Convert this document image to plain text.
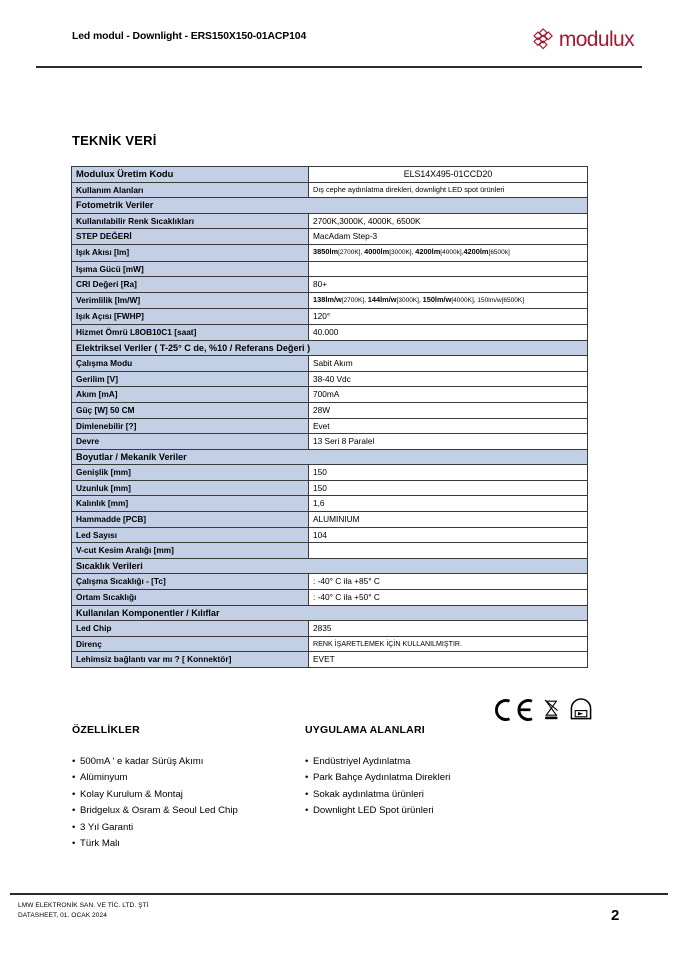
Led modul - Downlight - ERS150X150-01ACP104	modulux
TEKNİK VERİ
Modulux Üretim Kodu	ELS14X495-01CCD20
Kullanım Alanları	Dış cephe aydınlatma direkleri, downlight LED spot ürünleri
Fotometrik Veriler	
Kullanılabilir Renk Sıcaklıkları	2700K,3000K, 4000K, 6500K
STEP DEĞERİ	MacAdam Step-3
Işık Akısı [lm]	3850lm[2700K], 4000lm[3000K], 4200lm[4000k],4200lm[6500k]
Işıma Gücü [mW]	
CRI Değeri [Ra]	80+
Verimlilik [lm/W]	138lm/w[2700K], 144lm/w[3000K], 150lm/w[4000K], 150lm/w[6500K]
Işık Açısı [FWHP]	120°
Hizmet Ömrü L8OB10C1 [saat]	40.000
Elektriksel Veriler ( T-25° C de, %10 / Referans Değeri )	
Çalışma Modu	Sabit Akım
Gerilim [V]	38-40 Vdc
Akım [mA]	700mA
Güç [W] 50 CM	28W
Dimlenebilir [?]	Evet
Devre	13 Seri 8 Paralel
Boyutlar / Mekanik Veriler	
Genişlik [mm]	150
Uzunluk [mm]	150
Kalınlık [mm]	1,6
Hammadde [PCB]	ALUMINIUM
Led Sayısı	104
V-cut Kesim Aralığı [mm]	
Sıcaklık Verileri	
Çalışma Sıcaklığı - [Tc]	: -40° C ila +85° C
Ortam Sıcaklığı	: -40° C ila +50° C
Kullanılan Komponentler / Kılıflar	
Led Chip	2835
Direnç	RENK İŞARETLEMEK İÇİN KULLANILMIŞTIR.
Lehimsiz bağlantı var mı ? [ Konnektör]	EVET
ÖZELLİKLER
• 500mA ' e kadar Sürüş Akımı
• Alüminyum
• Kolay Kurulum & Montaj
• Bridgelux & Osram & Seoul Led Chip
• 3 Yıl Garanti
• Türk Malı
UYGULAMA ALANLARI
• Endüstriyel Aydınlatma
• Park Bahçe Aydınlatma Direkleri
• Sokak aydınlatma ürünleri
• Downlight LED Spot ürünleri
LMW ELEKTRONİK SAN. VE TİC. LTD. ŞTİ
DATASHEET, 01. OCAK 2024	2
